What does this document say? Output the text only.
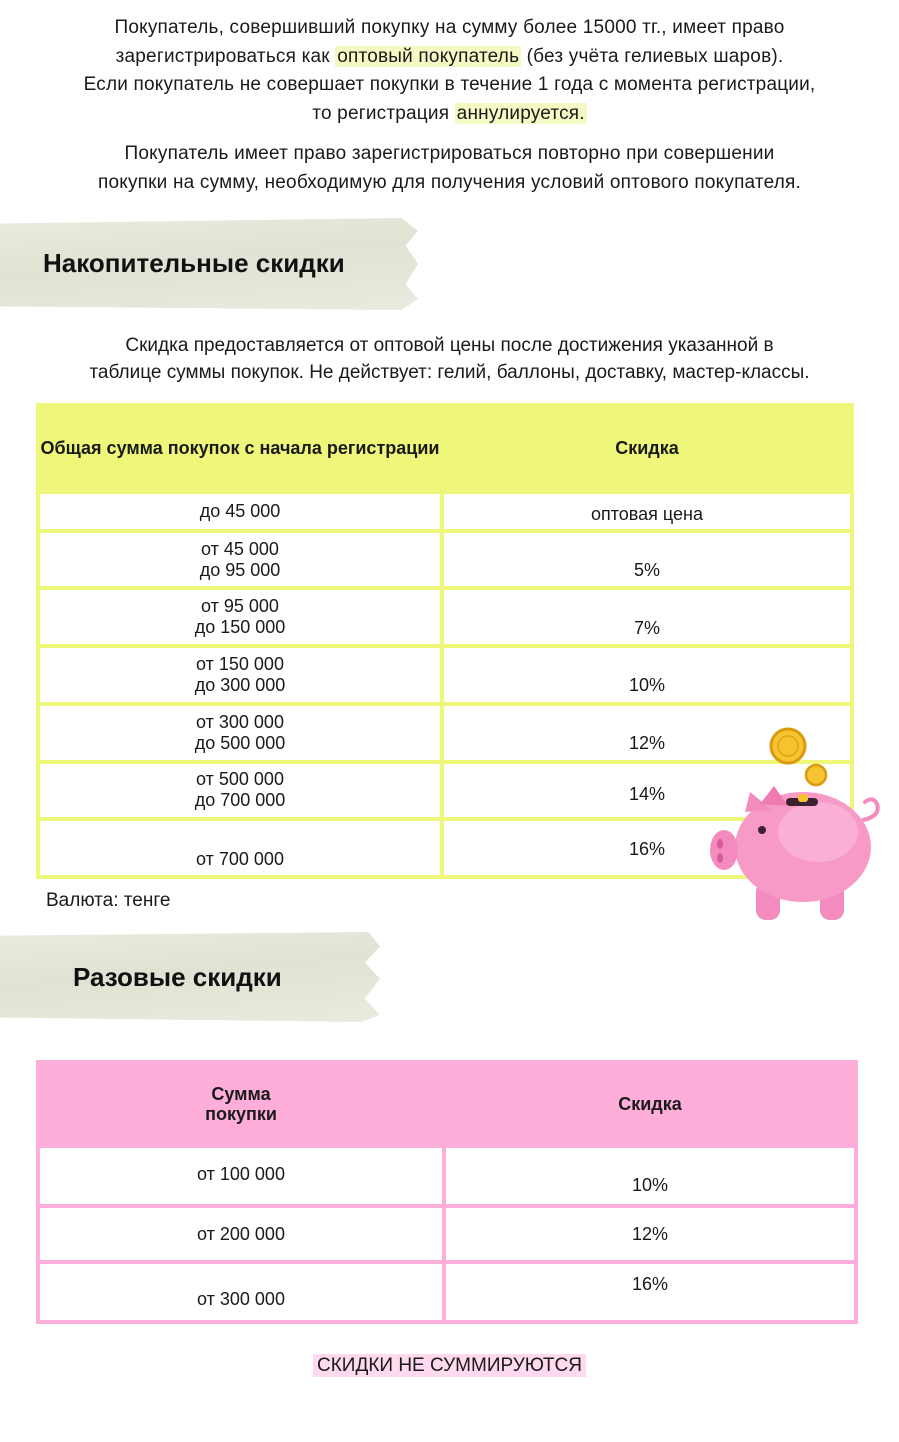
Покупатель, совершивший покупку на сумму более 15000 тг., имеет право
зарегистрироваться как оптовый покупатель (без учёта гелиевых шаров).
Если покупатель не совершает покупки в течение 1 года с момента регистрации,
то регистрация аннулируется.
Покупатель имеет право зарегистрироваться повторно при совершении
покупки на сумму, необходимую для получения условий оптового покупателя.
Накопительные скидки
Скидка предоставляется от оптовой цены после достижения указанной в
таблице суммы покупок. Не действует: гелий, баллоны, доставку, мастер-классы.
Общая сумма покупок с начала регистрации	Скидка

до 45 000	оптовая цена

от 45 000
до 95 000	5%

от 95 000
до 150 000	7%

от 150 000
до 300 000	10%

от 300 000
до 500 000	12%

от 500 000
до 700 000	14%

от 700 000	16%
Валюта: тенге
Разовые скидки
Сумма покупки	Скидка

от 100 000	10%

от 200 000	12%

от 300 000	16%
СКИДКИ НЕ СУММИРУЮТСЯ
